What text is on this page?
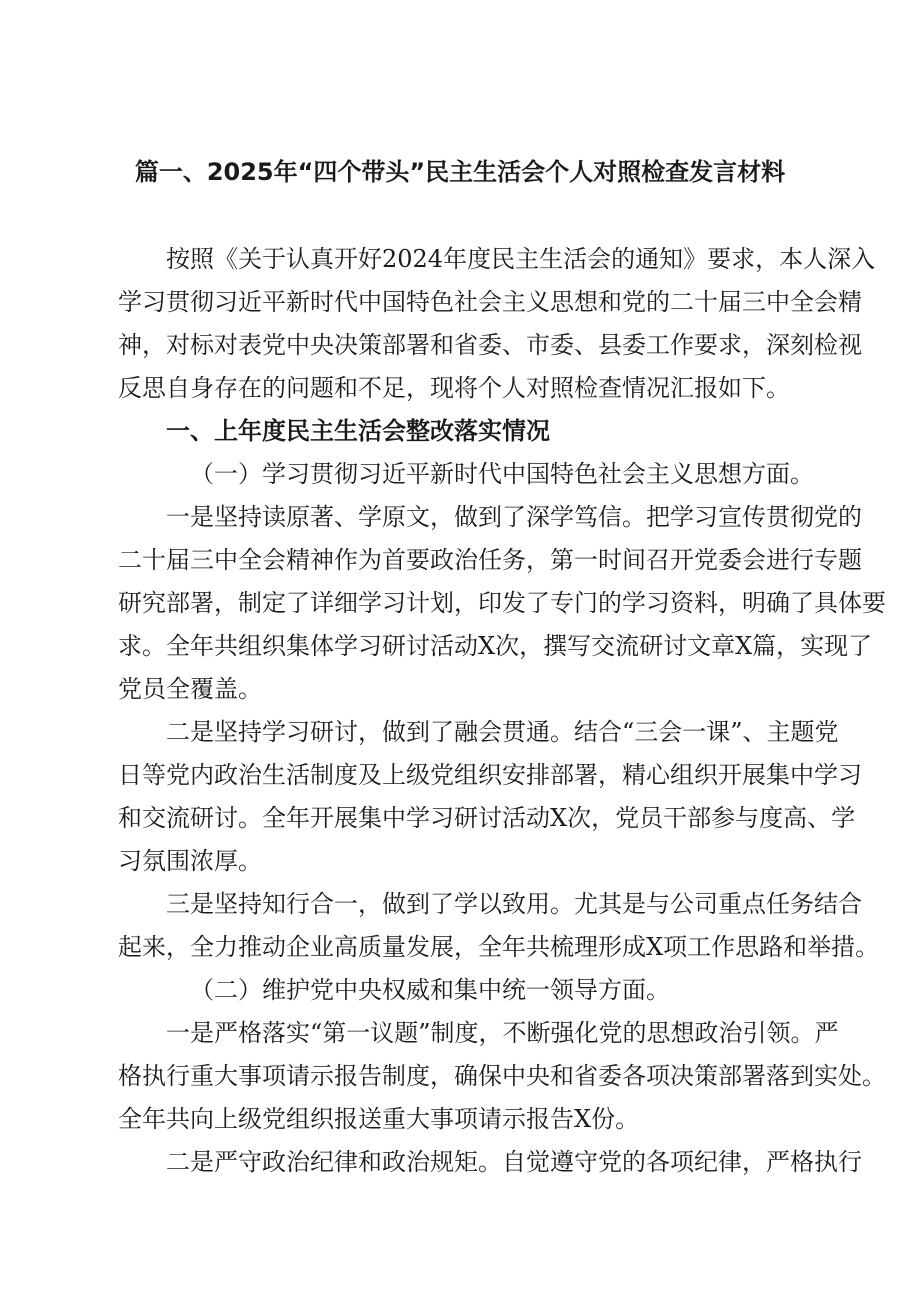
篇一、2025年“四个带头”民主生活会个人对照检查发言材料
按照《关于认真开好2024年度民主生活会的通知》要求，本人深入
学习贯彻习近平新时代中国特色社会主义思想和党的二十届三中全会精
神，对标对表党中央决策部署和省委、市委、县委工作要求，深刻检视
反思自身存在的问题和不足，现将个人对照检查情况汇报如下。
一、上年度民主生活会整改落实情况
（一）学习贯彻习近平新时代中国特色社会主义思想方面。
一是坚持读原著、学原文，做到了深学笃信。把学习宣传贯彻党的
二十届三中全会精神作为首要政治任务，第一时间召开党委会进行专题
研究部署，制定了详细学习计划，印发了专门的学习资料，明确了具体要
求。全年共组织集体学习研讨活动X次，撰写交流研讨文章X篇，实现了
党员全覆盖。
二是坚持学习研讨，做到了融会贯通。结合“三会一课”、主题党
日等党内政治生活制度及上级党组织安排部署，精心组织开展集中学习
和交流研讨。全年开展集中学习研讨活动X次，党员干部参与度高、学
习氛围浓厚。
三是坚持知行合一，做到了学以致用。尤其是与公司重点任务结合
起来，全力推动企业高质量发展，全年共梳理形成X项工作思路和举措。
（二）维护党中央权威和集中统一领导方面。
一是严格落实“第一议题”制度，不断强化党的思想政治引领。严
格执行重大事项请示报告制度，确保中央和省委各项决策部署落到实处。
全年共向上级党组织报送重大事项请示报告X份。
二是严守政治纪律和政治规矩。自觉遵守党的各项纪律，严格执行
